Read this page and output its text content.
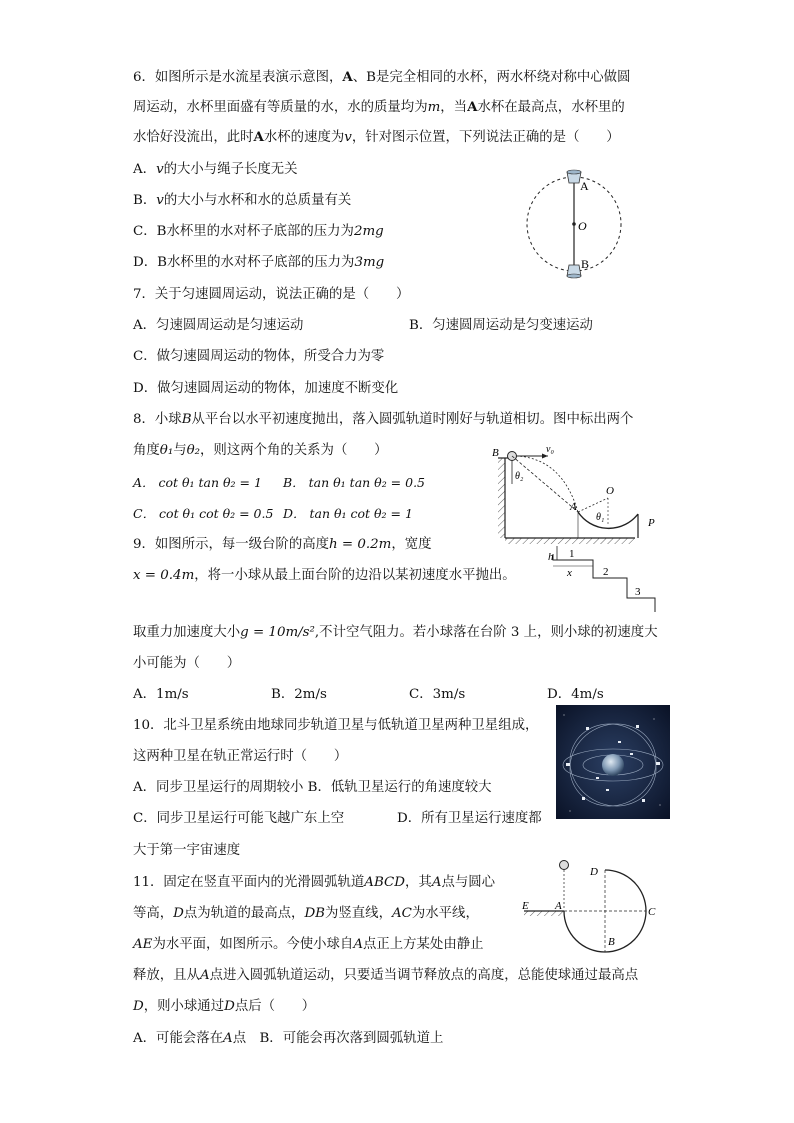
6．如图所示是水流星表演示意图，A、B是完全相同的水杯，两水杯绕对称中心做圆
周运动，水杯里面盛有等质量的水，水的质量均为m，当A水杯在最高点，水杯里的
水恰好没流出，此时A水杯的速度为v，针对图示位置，下列说法正确的是（　　）
A．v的大小与绳子长度无关
B．v的大小与水杯和水的总质量有关
C．B水杯里的水对杯子底部的压力为2mg
D．B水杯里的水对杯子底部的压力为3mg
A
O
B
7．关于匀速圆周运动，说法正确的是（　　）
A．匀速圆周运动是匀速运动	B．匀速圆周运动是匀变速运动
C．做匀速圆周运动的物体，所受合力为零
D．做匀速圆周运动的物体，加速度不断变化
8．小球B从平台以水平初速度抛出，落入圆弧轨道时刚好与轨道相切。图中标出两个
角度θ₁与θ₂，则这两个角的关系为（　　）
A． cot θ₁ tan θ₂ = 1 B． tan θ₁ tan θ₂ = 0.5
C． cot θ₁ cot θ₂ = 0.5 D． tan θ₁ cot θ₂ = 1
B	v₀
θ₂
A
θ₁
O
P
9．如图所示，每一级台阶的高度h = 0.2m，宽度
x = 0.4m，将一小球从最上面台阶的边沿以某初速度水平抛出。
h
x
1
2
3
取重力加速度大小g = 10m/s²,不计空气阻力。若小球落在台阶 3 上，则小球的初速度大
小可能为（　　）
A．1m/s	B．2m/s	C．3m/s	D．4m/s
10．北斗卫星系统由地球同步轨道卫星与低轨道卫星两种卫星组成，
这两种卫星在轨正常运行时（　　）
A．同步卫星运行的周期较小 B．低轨卫星运行的角速度较大
C．同步卫星运行可能飞越广东上空	D．所有卫星运行速度都
大于第一宇宙速度
11．固定在竖直平面内的光滑圆弧轨道ABCD，其A点与圆心
等高，D点为轨道的最高点，DB为竖直线，AC为水平线，
AE为水平面，如图所示。今使小球自A点正上方某处由静止
释放，且从A点进入圆弧轨道运动，只要适当调节释放点的高度，总能使球通过最高点
D，则小球通过D点后（　　）
A．可能会落在A点　B．可能会再次落到圆弧轨道上
E A
D
C
B
